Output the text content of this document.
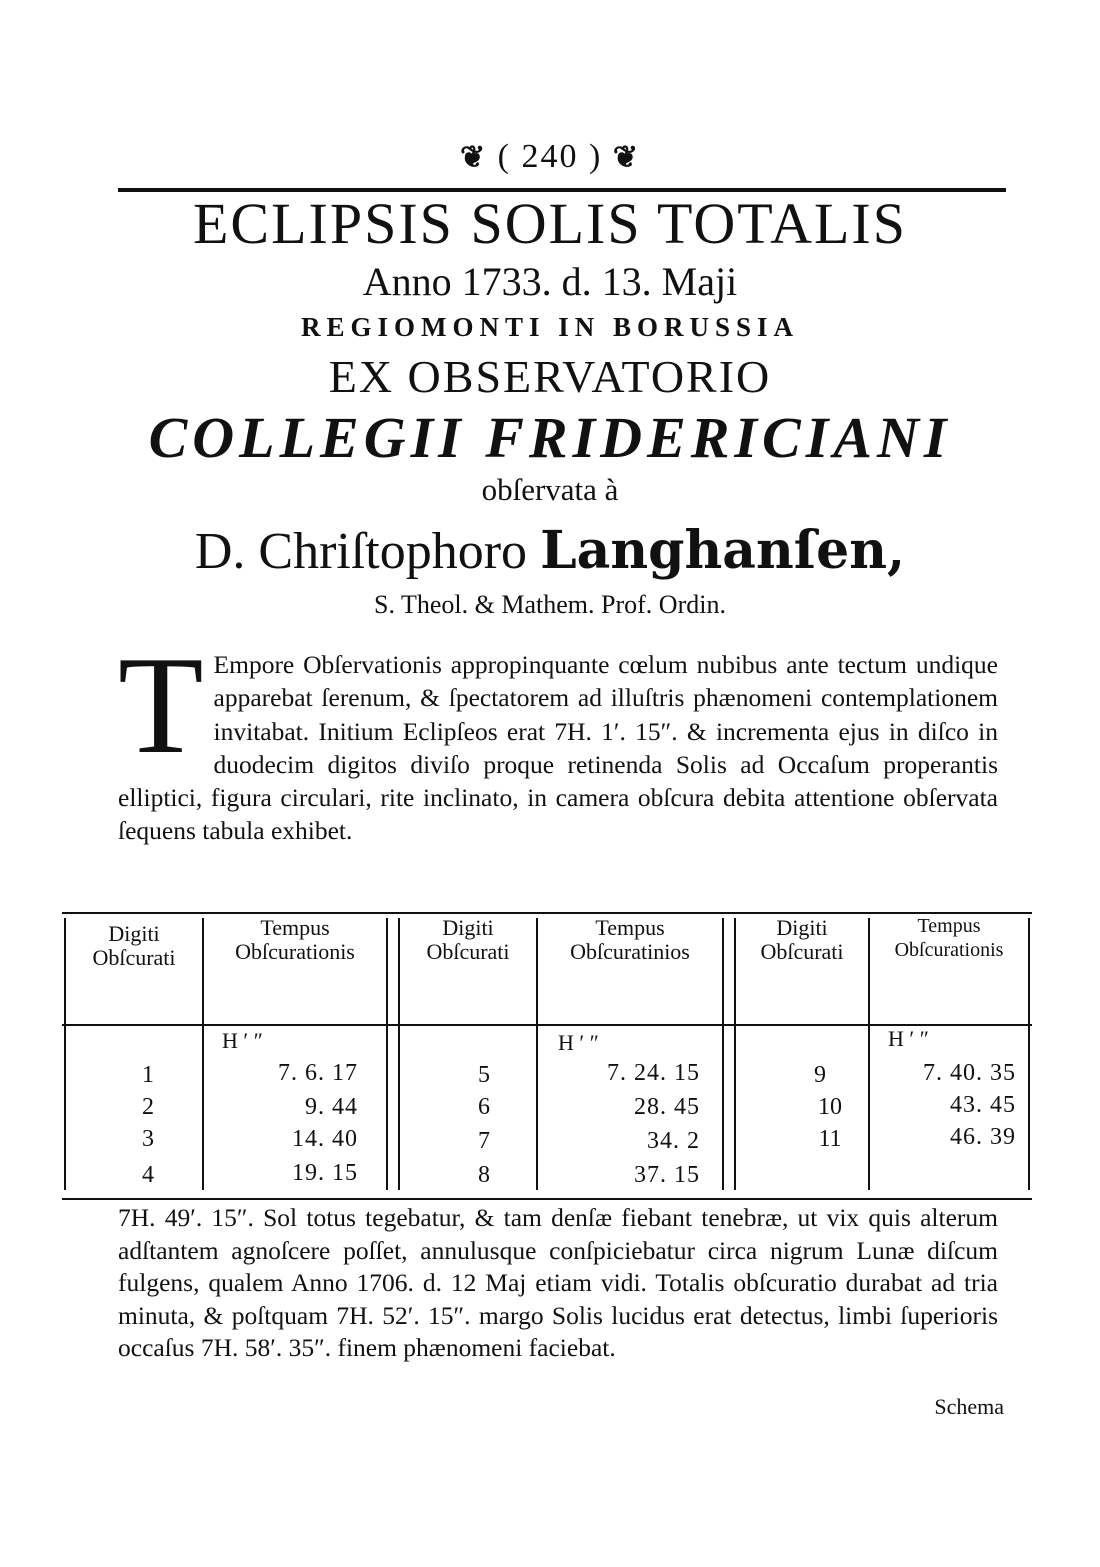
❦ ( 240 ) ❦
ECLIPSIS SOLIS TOTALIS
Anno 1733. d. 13. Maji
REGIOMONTI IN BORUSSIA
EX OBSERVATORIO
COLLEGII FRIDERICIANI
obſervata à
D. Chriſtophoro Langhanſen,
S. Theol. & Mathem. Prof. Ordin.
T Empore Obſervationis appropinquante cœlum nubibus ante tectum undique apparebat ſerenum, & ſpectatorem ad illuſtris phænomeni contemplationem invitabat. Initium Eclipſeos erat 7H. 1′. 15″. & incrementa ejus in diſco in duodecim digitos diviſo proque retinenda Solis ad Occaſum properantis elliptici, figura circulari, rite inclinato, in camera obſcura debita attentione obſervata ſequens tabula exhibet.
Digiti
Obſcurati
Tempus
Obſcurationis
H ′ ″
Digiti
Obſcurati
Tempus
Obſcuratinios
H ′ ″
Digiti
Obſcurati
Tempus
Obſcurationis
H ′ ″
1
2
3
4
7. 6. 17
9. 44
14. 40
19. 15
5
6
7
8
7. 24. 15
28. 45
34. 2
37. 15
9
10
11
7. 40. 35
43. 45
46. 39
7H. 49′. 15″. Sol totus tegebatur, & tam denſæ fiebant tenebræ, ut vix quis alterum adſtantem agnoſcere poſſet, annulusque conſpiciebatur circa nigrum Lunæ diſcum fulgens, qualem Anno 1706. d. 12 Maj etiam vidi. Totalis obſcuratio durabat ad tria minuta, & poſtquam 7H. 52′. 15″. margo Solis lucidus erat detectus, limbi ſuperioris occaſus 7H. 58′. 35″. finem phænomeni faciebat.
Schema
